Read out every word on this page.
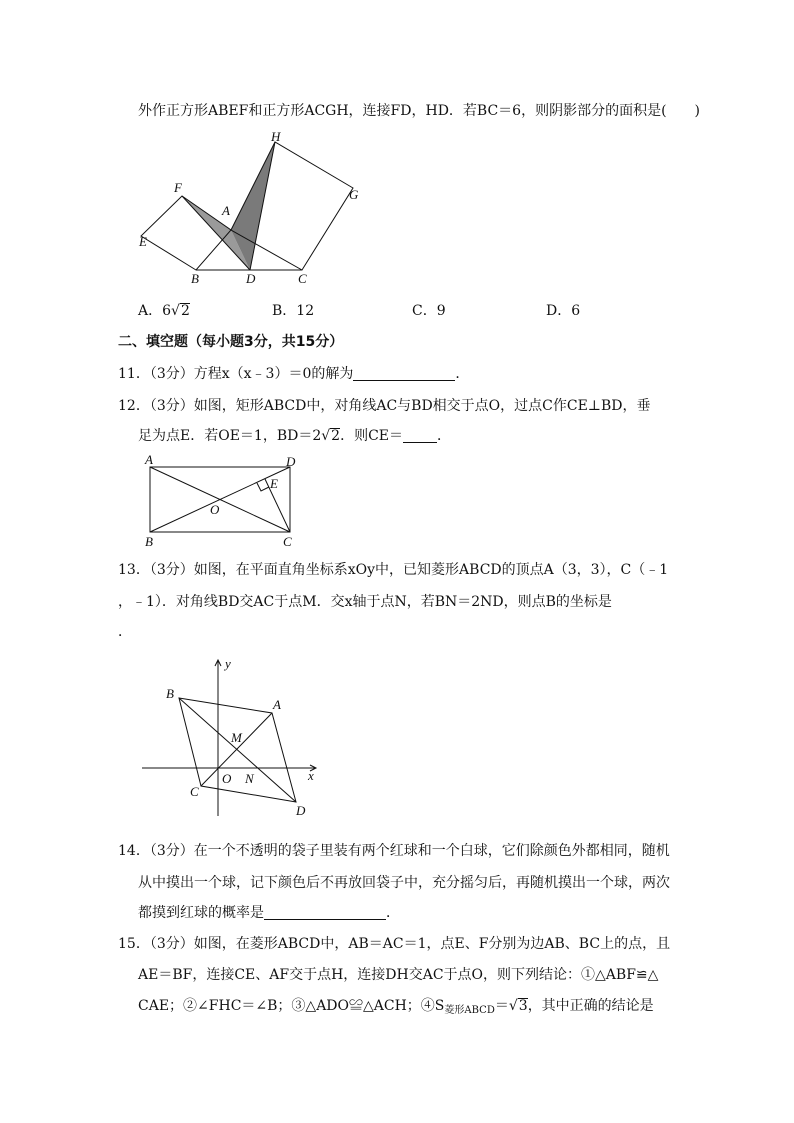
外作正方形ABEF和正方形ACGH，连接FD，HD．若BC＝6，则阴影部分的面积是(　　)
H
F
A
G
E
B	D	C
A．6√2	B．12	C．9	D．6
二、填空题（每小题3分，共15分）
11．（3分）方程x（x﹣3）＝0的解为	．
12．（3分）如图，矩形ABCD中，对角线AC与BD相交于点O，过点C作CE⊥BD，垂
足为点E．若OE＝1，BD＝2√2．则CE＝ ．
A	D
E
O
B	C
13．（3分）如图，在平面直角坐标系xOy中，已知菱形ABCD的顶点A（3，3），C（﹣1
，﹣1）．对角线BD交AC于点M．交x轴于点N，若BN＝2ND，则点B的坐标是
．
y
B
A
M
O N	x
C
D
14．（3分）在一个不透明的袋子里装有两个红球和一个白球，它们除颜色外都相同，随机
从中摸出一个球，记下颜色后不再放回袋子中，充分摇匀后，再随机摸出一个球，两次
都摸到红球的概率是	．
15．（3分）如图，在菱形ABCD中，AB＝AC＝1，点E、F分别为边AB、BC上的点，且
AE＝BF，连接CE、AF交于点H，连接DH交AC于点O，则下列结论：①△ABF≌△
CAE；②∠FHC＝∠B；③△ADO≌△ACH；$④S_{菱形ABCD}=√3$，其中正确的结论是
